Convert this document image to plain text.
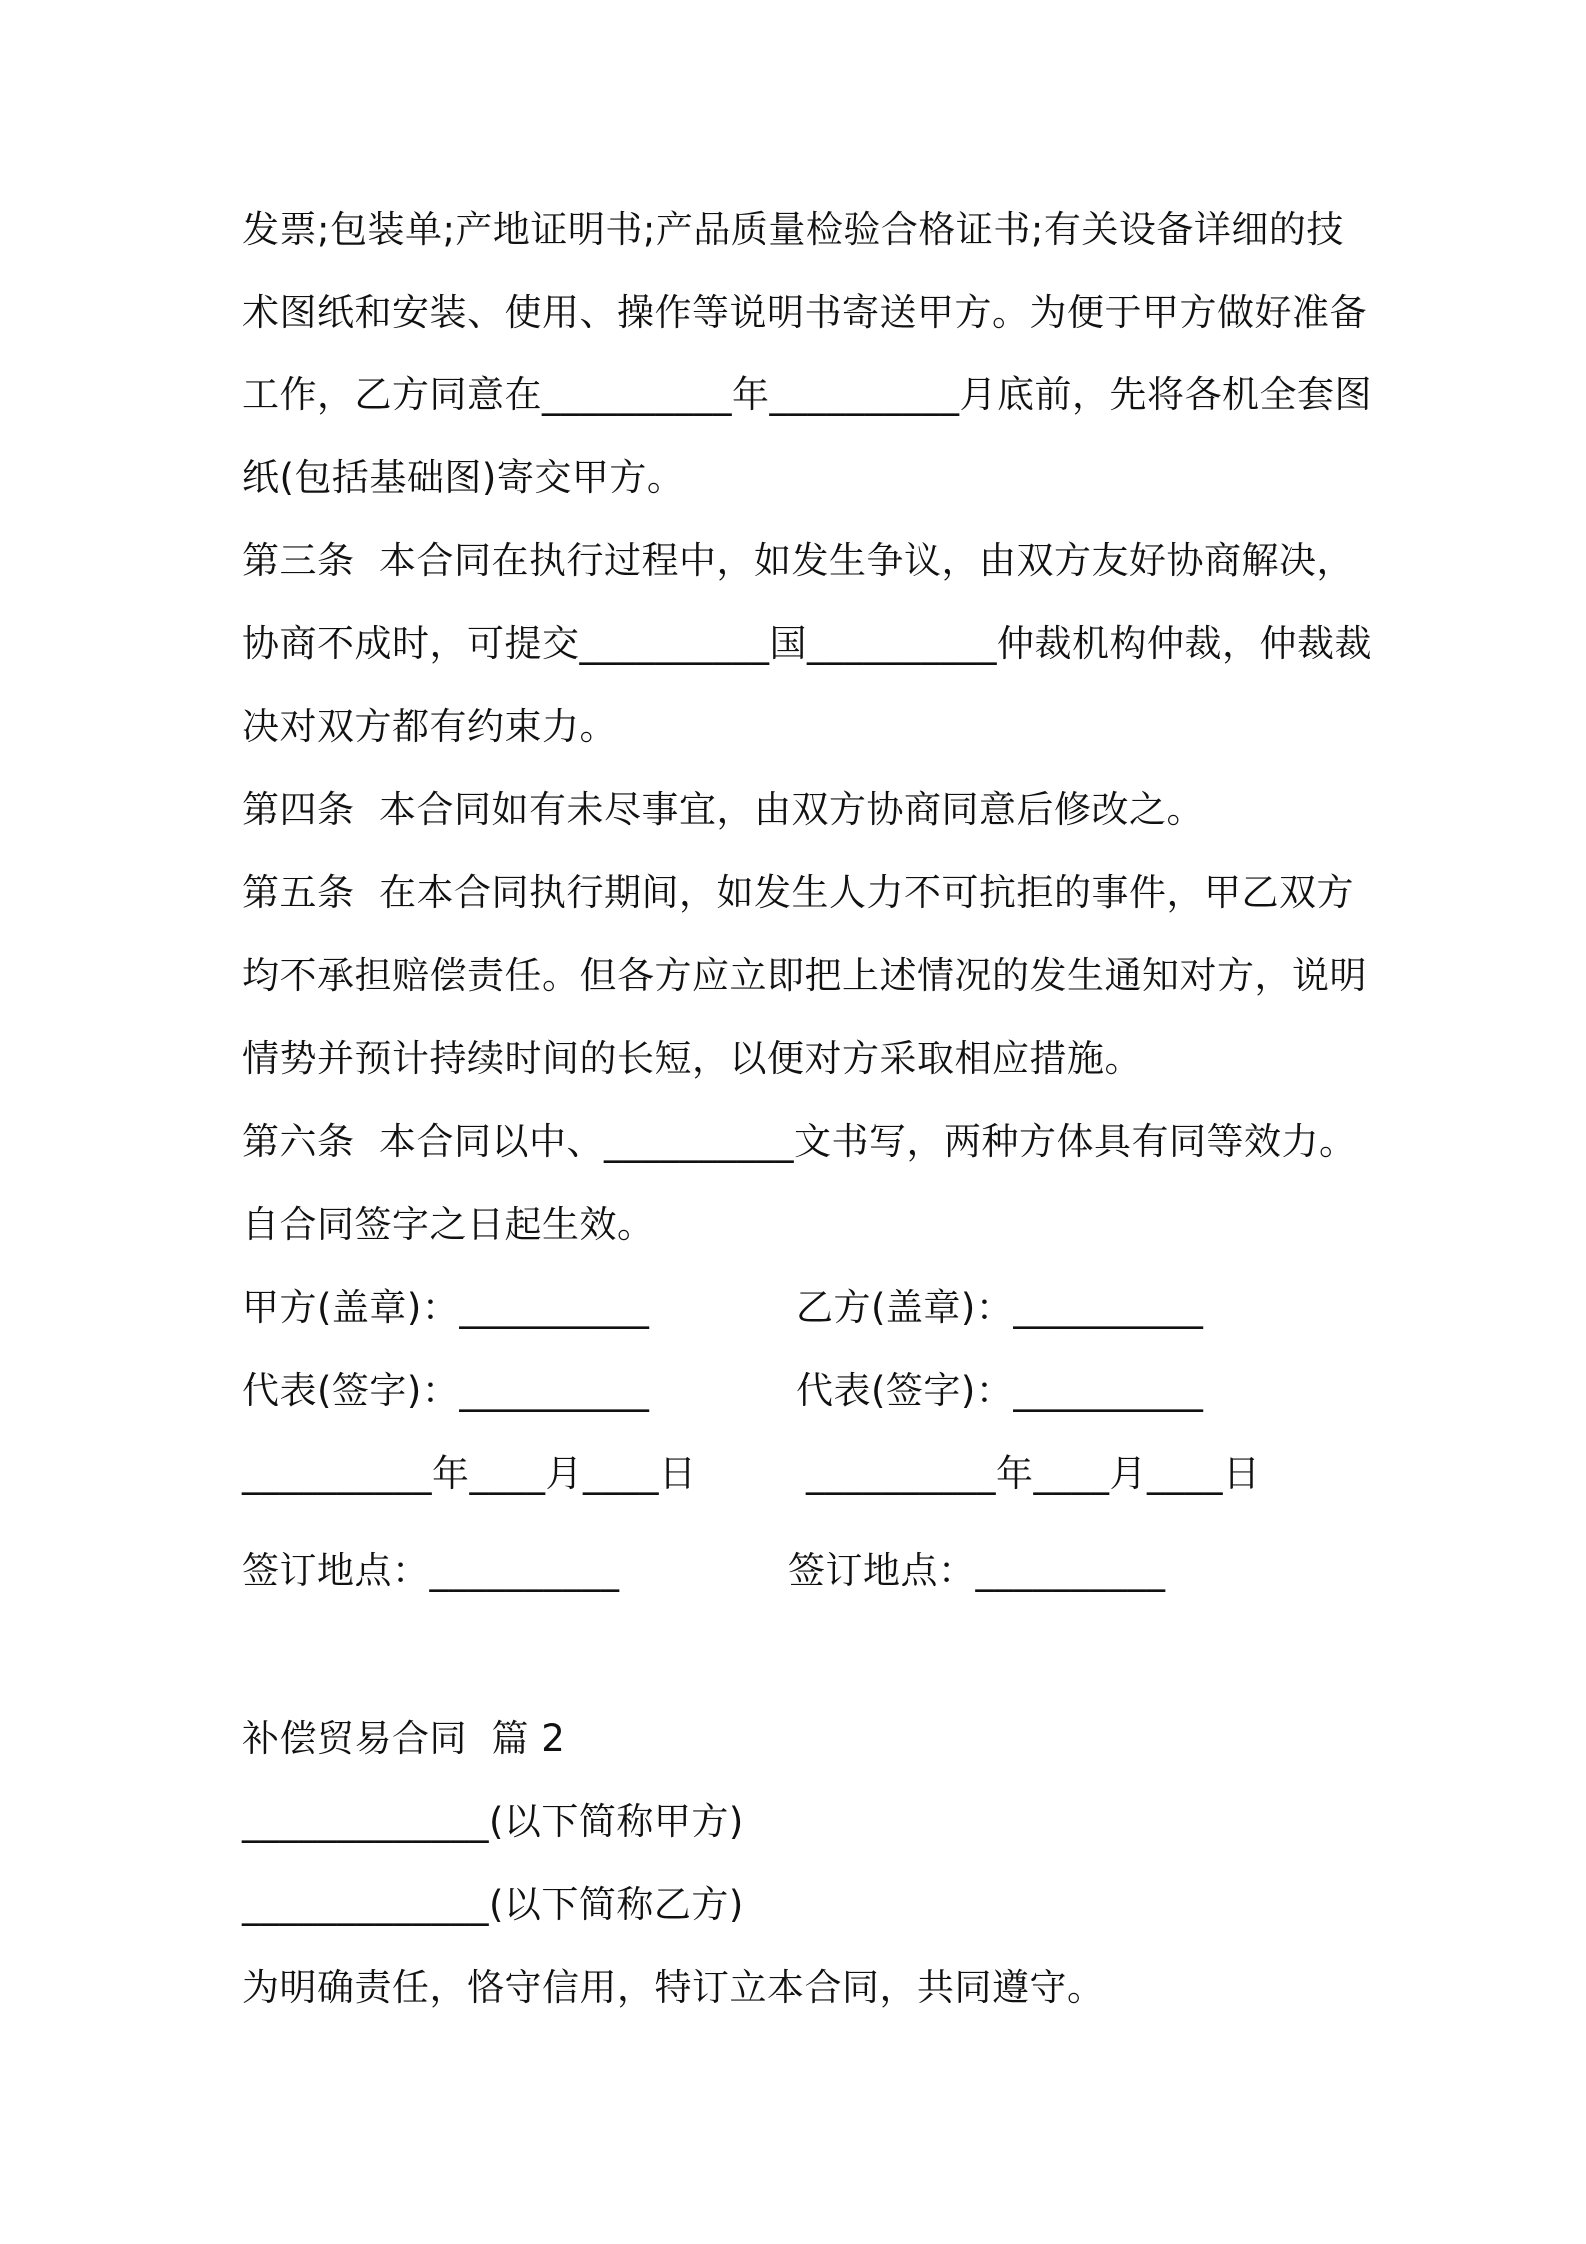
发票;包装单;产地证明书;产品质量检验合格证书;有关设备详细的技
术图纸和安装、使用、操作等说明书寄送甲方。为便于甲方做好准备
工作，乙方同意在__________年__________月底前，先将各机全套图
纸(包括基础图)寄交甲方。
第三条  本合同在执行过程中，如发生争议，由双方友好协商解决，
协商不成时，可提交__________国__________仲裁机构仲裁，仲裁裁
决对双方都有约束力。
第四条  本合同如有未尽事宜，由双方协商同意后修改之。
第五条  在本合同执行期间，如发生人力不可抗拒的事件，甲乙双方
均不承担赔偿责任。但各方应立即把上述情况的发生通知对方，说明
情势并预计持续时间的长短，以便对方采取相应措施。
第六条  本合同以中、__________文书写，两种方体具有同等效力。
自合同签字之日起生效。
甲方(盖章)：__________	乙方(盖章)：__________
代表(签字)：__________	代表(签字)：__________
__________年____月____日	__________年____月____日
签订地点：__________	签订地点：__________
补偿贸易合同  篇 2
_____________(以下简称甲方)
_____________(以下简称乙方)
为明确责任，恪守信用，特订立本合同，共同遵守。
